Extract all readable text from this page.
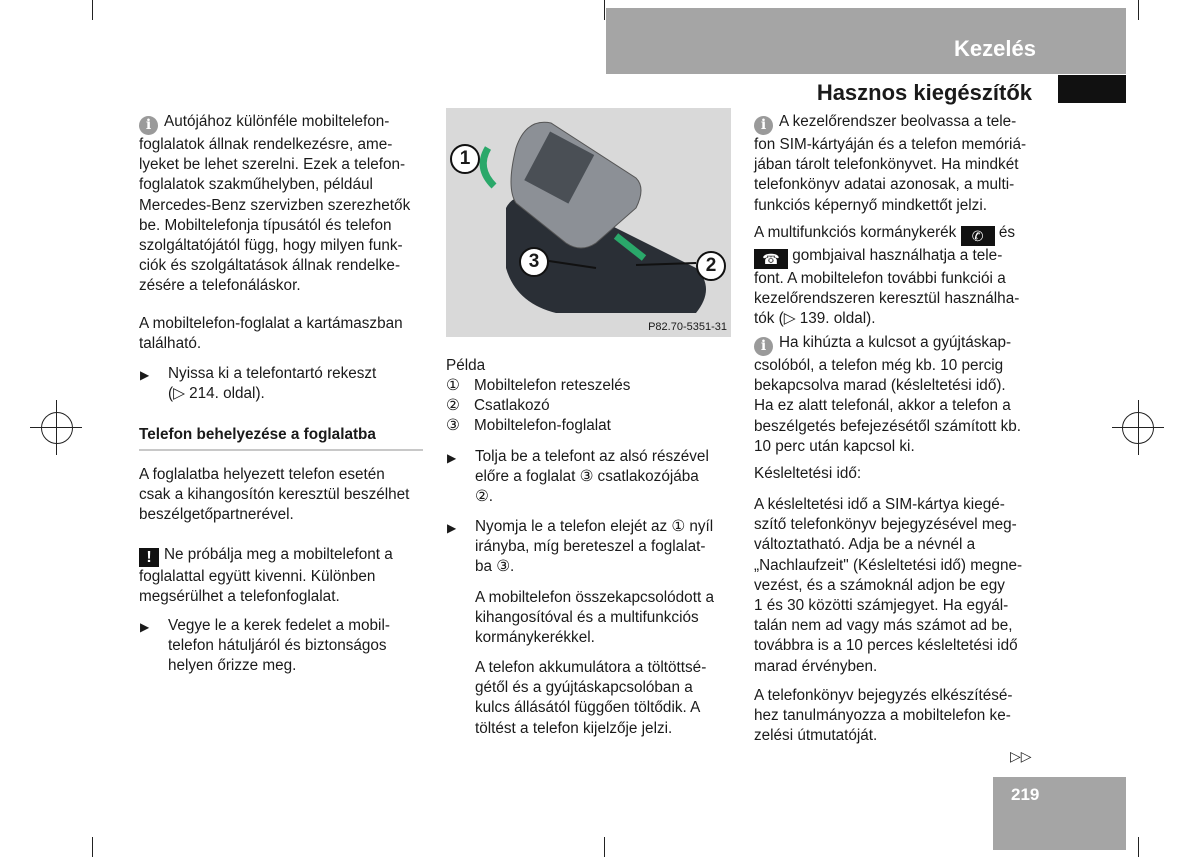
Kezelés
Hasznos kiegészítők
i Autójához különféle mobiltelefon-
foglalatok állnak rendelkezésre, ame-
lyeket be lehet szerelni. Ezek a telefon-
foglalatok szakműhelyben, például
Mercedes-Benz szervizben szerezhetők
be. Mobiltelefonja típusától és telefon
szolgáltatójától függ, hogy milyen funk-
ciók és szolgáltatások állnak rendelke-
zésére a telefonáláskor.
A mobiltelefon-foglalat a kartámaszban
található.
▶ Nyissa ki a telefontartó rekeszt
(▷ 214. oldal).
Telefon behelyezése a foglalatba
A foglalatba helyezett telefon esetén
csak a kihangosítón keresztül beszélhet
beszélgetőpartnerével.
! Ne próbálja meg a mobiltelefont a
foglalattal együtt kivenni. Különben
megsérülhet a telefonfoglalat.
▶ Vegye le a kerek fedelet a mobil-
telefon hátuljáról és biztonságos
helyen őrizze meg.
1
2
3
P82.70-5351-31
Példa
① Mobiltelefon reteszelés
② Csatlakozó
③ Mobiltelefon-foglalat
▶ Tolja be a telefont az alsó részével
előre a foglalat ③ csatlakozójába
②.
▶ Nyomja le a telefon elejét az ① nyíl
irányba, míg bereteszel a foglalat-
ba ③.
A mobiltelefon összekapcsolódott a
kihangosítóval és a multifunkciós
kormánykerékkel.
A telefon akkumulátora a töltöttsé-
gétől és a gyújtáskapcsolóban a
kulcs állásától függően töltődik. A
töltést a telefon kijelzője jelzi.
i A kezelőrendszer beolvassa a tele-
fon SIM-kártyáján és a telefon memóriá-
jában tárolt telefonkönyvet. Ha mindkét
telefonkönyv adatai azonosak, a multi-
funkciós képernyő mindkettőt jelzi.
A multifunkciós kormánykerék ✆ és
☎ gombjaival használhatja a tele-
font. A mobiltelefon további funkciói a
kezelőrendszeren keresztül használha-
tók (▷ 139. oldal).
i Ha kihúzta a kulcsot a gyújtáskap-
csolóból, a telefon még kb. 10 percig
bekapcsolva marad (késleltetési idő).
Ha ez alatt telefonál, akkor a telefon a
beszélgetés befejezésétől számított kb.
10 perc után kapcsol ki.
Késleltetési idő:
A késleltetési idő a SIM-kártya kiegé-
szítő telefonkönyv bejegyzésével meg-
változtatható. Adja be a névnél a
„Nachlaufzeit" (Késleltetési idő) megne-
vezést, és a számoknál adjon be egy
1 és 30 közötti számjegyet. Ha egyál-
talán nem ad vagy más számot ad be,
továbbra is a 10 perces késleltetési idő
marad érvényben.
A telefonkönyv bejegyzés elkészítésé-
hez tanulmányozza a mobiltelefon ke-
zelési útmutatóját.
▷▷
219
